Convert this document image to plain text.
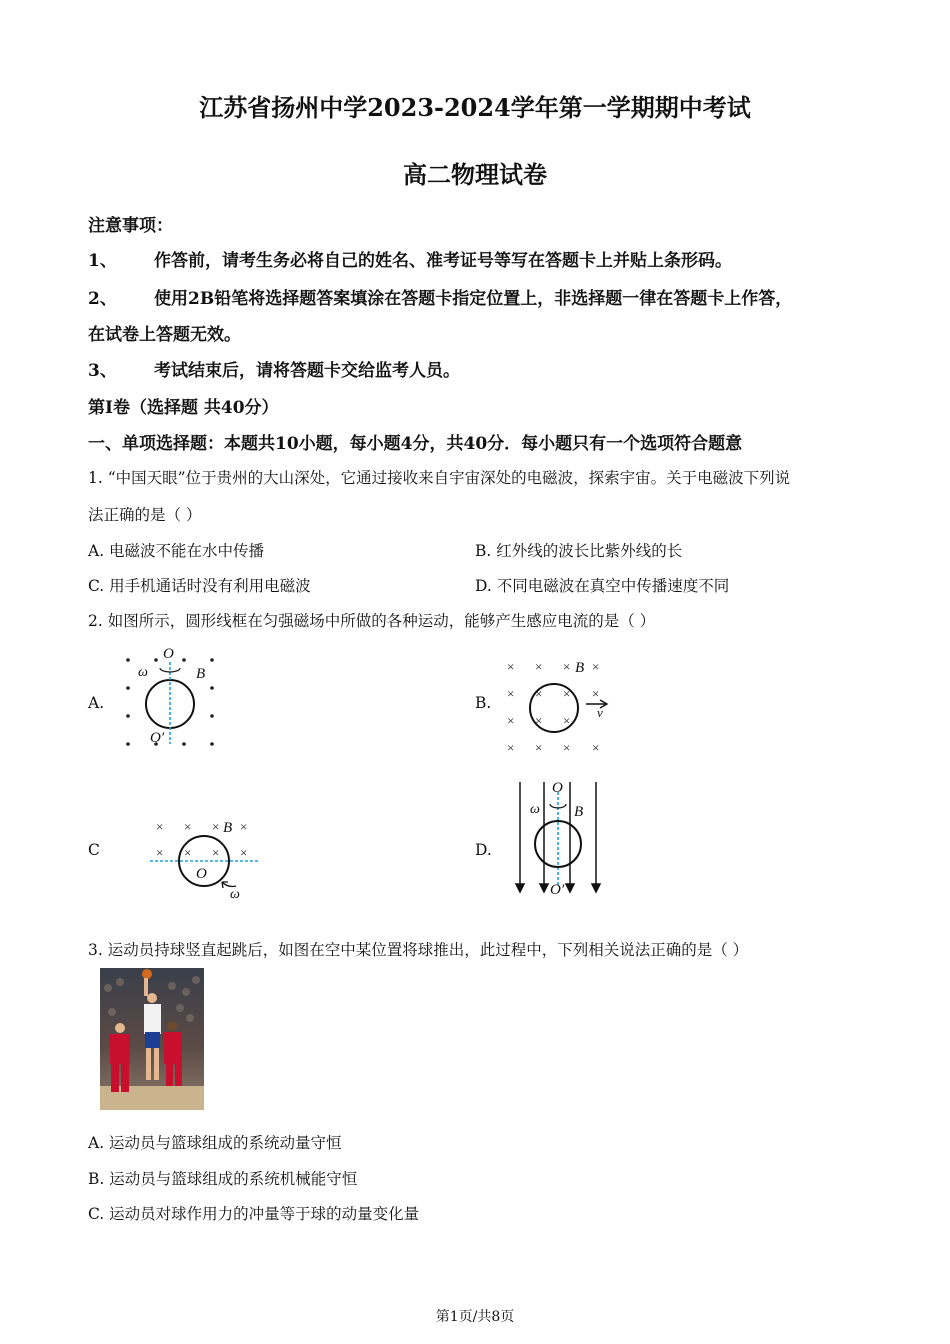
江苏省扬州中学2023-2024学年第一学期期中考试
高二物理试卷
注意事项：
1、 作答前，请考生务必将自己的姓名、准考证号等写在答题卡上并贴上条形码。
2、 使用2B铅笔将选择题答案填涂在答题卡指定位置上，非选择题一律在答题卡上作答，
在试卷上答题无效。
3、 考试结束后，请将答题卡交给监考人员。
第Ⅰ卷（选择题 共40分）
一、单项选择题：本题共10小题，每小题4分，共40分．每小题只有一个选项符合题意
1. “中国天眼”位于贵州的大山深处，它通过接收来自宇宙深处的电磁波，探索宇宙。关于电磁波下列说
法正确的是（ ）
A. 电磁波不能在水中传播	B. 红外线的波长比紫外线的长
C. 用手机通话时没有利用电磁波	D. 不同电磁波在真空中传播速度不同
2. 如图所示，圆形线框在匀强磁场中所做的各种运动，能够产生感应电流的是（ ）
A.
O
ω	B
O′
B.
× × × ×
× × × ×
× × ×
× × × ×
B
v
C
× × × ×
× × × ×
B
O
ω
D.
O
ω B
O′
3. 运动员持球竖直起跳后，如图在空中某位置将球推出，此过程中，下列相关说法正确的是（ ）
A. 运动员与篮球组成的系统动量守恒
B. 运动员与篮球组成的系统机械能守恒
C. 运动员对球作用力的冲量等于球的动量变化量
第1页/共8页
